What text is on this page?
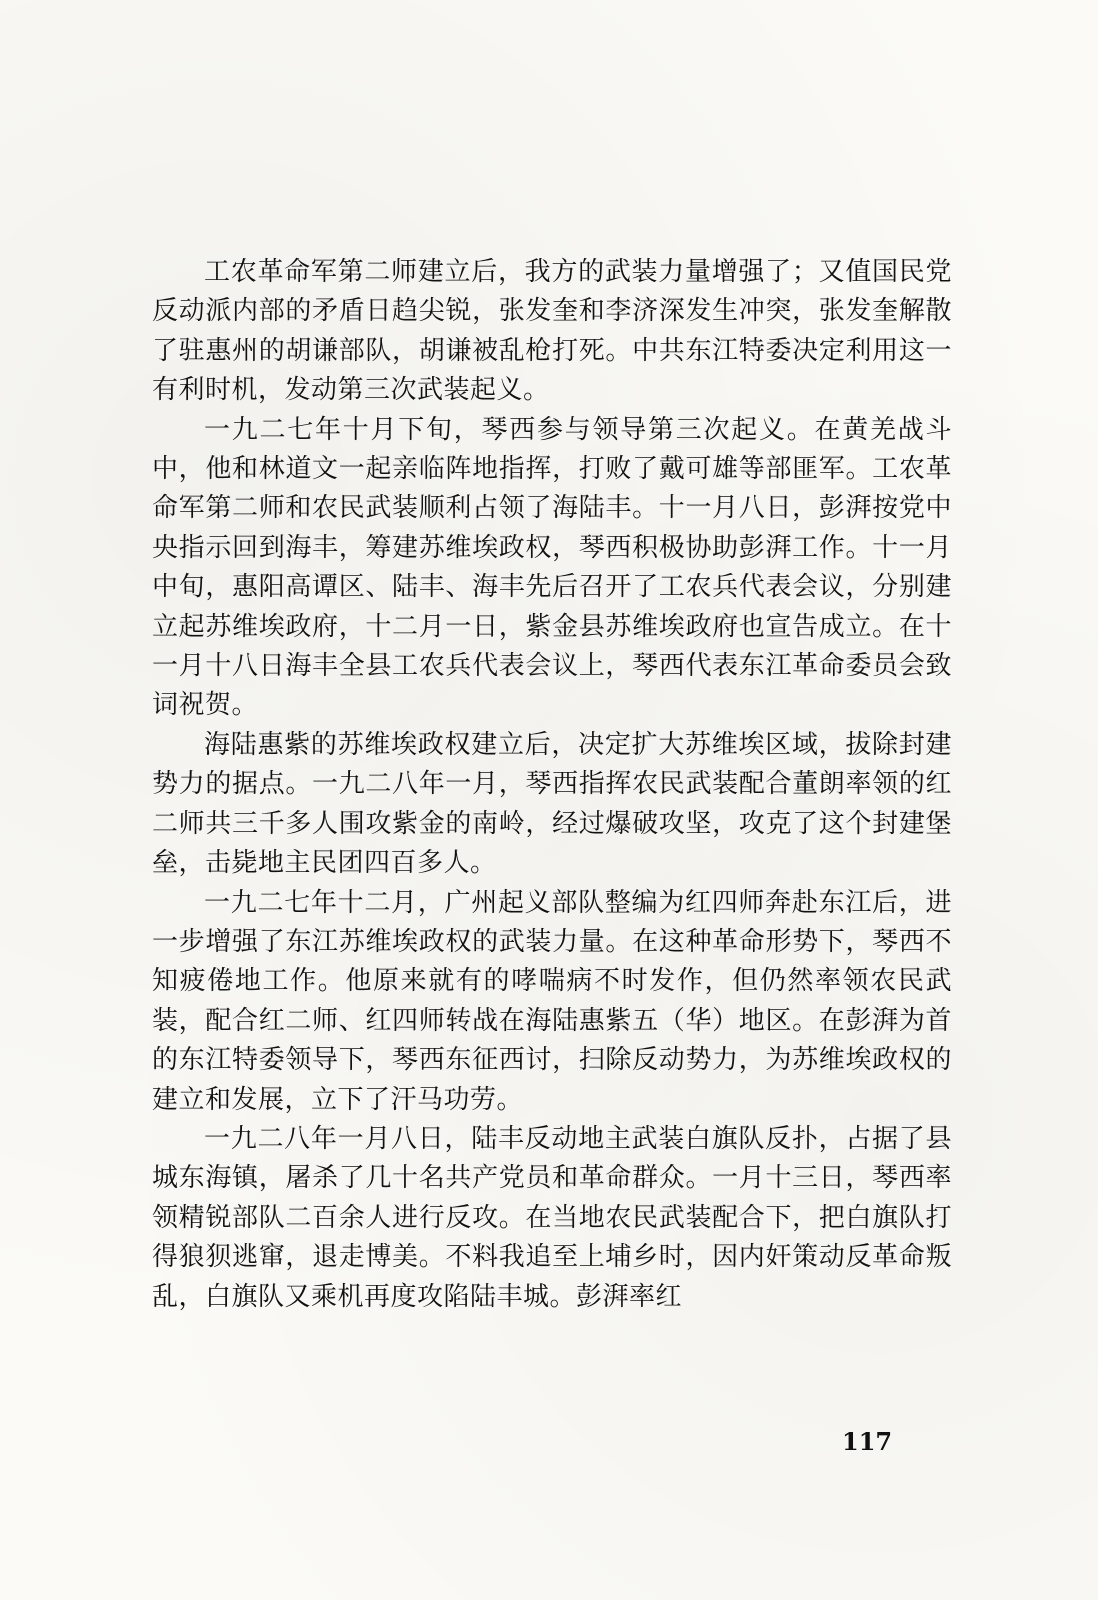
工农革命军第二师建立后，我方的武装力量增强了；又值国民党反动派内部的矛盾日趋尖锐，张发奎和李济深发生冲突，张发奎解散了驻惠州的胡谦部队，胡谦被乱枪打死。中共东江特委决定利用这一有利时机，发动第三次武装起义。

一九二七年十月下旬，琴西参与领导第三次起义。在黄羌战斗中，他和林道文一起亲临阵地指挥，打败了戴可雄等部匪军。工农革命军第二师和农民武装顺利占领了海陆丰。十一月八日，彭湃按党中央指示回到海丰，筹建苏维埃政权，琴西积极协助彭湃工作。十一月中旬，惠阳高谭区、陆丰、海丰先后召开了工农兵代表会议，分别建立起苏维埃政府，十二月一日，紫金县苏维埃政府也宣告成立。在十一月十八日海丰全县工农兵代表会议上，琴西代表东江革命委员会致词祝贺。

海陆惠紫的苏维埃政权建立后，决定扩大苏维埃区域，拔除封建势力的据点。一九二八年一月，琴西指挥农民武装配合董朗率领的红二师共三千多人围攻紫金的南岭，经过爆破攻坚，攻克了这个封建堡垒，击毙地主民团四百多人。

一九二七年十二月，广州起义部队整编为红四师奔赴东江后，进一步增强了东江苏维埃政权的武装力量。在这种革命形势下，琴西不知疲倦地工作。他原来就有的哮喘病不时发作，但仍然率领农民武装，配合红二师、红四师转战在海陆惠紫五（华）地区。在彭湃为首的东江特委领导下，琴西东征西讨，扫除反动势力，为苏维埃政权的建立和发展，立下了汗马功劳。

一九二八年一月八日，陆丰反动地主武装白旗队反扑，占据了县城东海镇，屠杀了几十名共产党员和革命群众。一月十三日，琴西率领精锐部队二百余人进行反攻。在当地农民武装配合下，把白旗队打得狼狈逃窜，退走博美。不料我追至上埔乡时，因内奸策动反革命叛乱，白旗队又乘机再度攻陷陆丰城。彭湃率红

117
